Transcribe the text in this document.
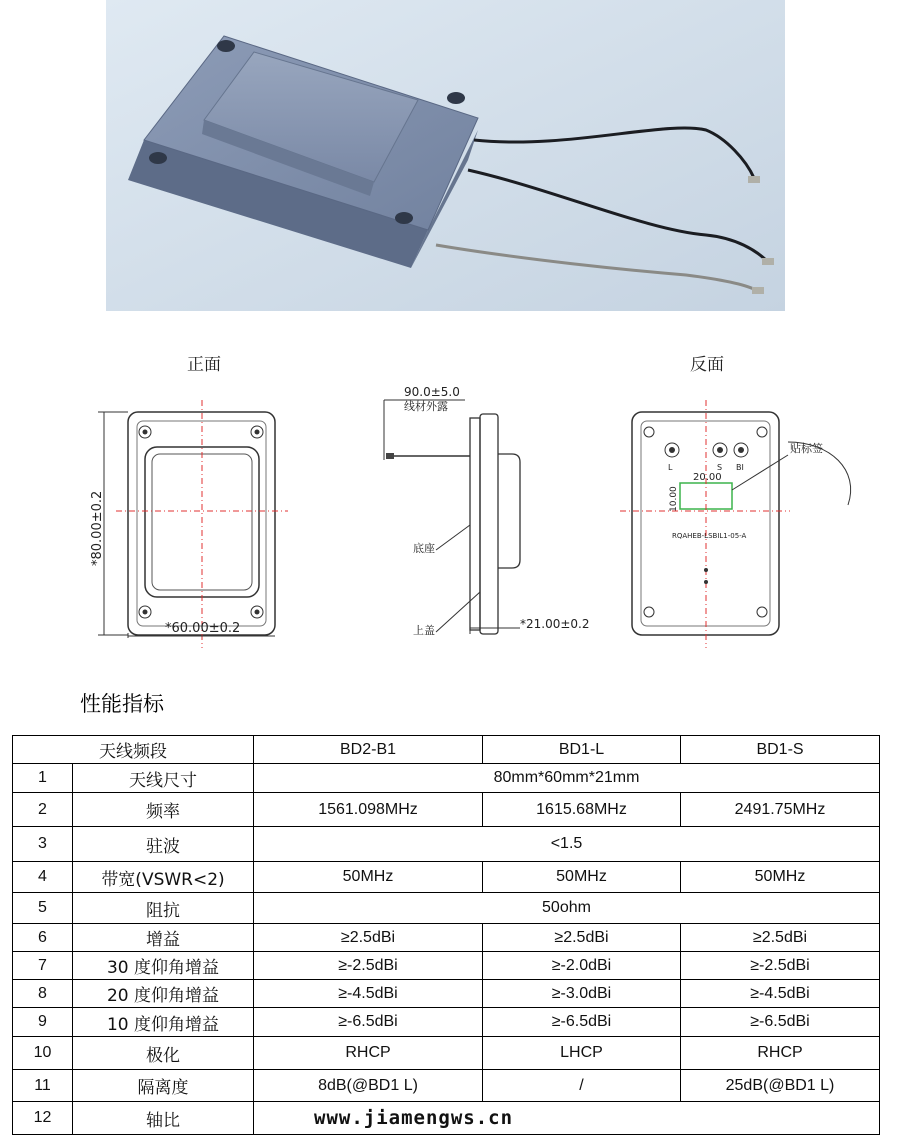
正面
*80.00±0.2
*60.00±0.2
90.0±5.0
线材外露
底座
上盖	*21.00±0.2
反面
L	S BI
20.00
10.00
RQAHEB-LSBIL1-05-A
贴标签
性能指标
天线频段		BD2-B1	BD1-L	BD1-S
1	天线尺寸	80mm*60mm*21mm		
2	频率	1561.098MHz	1615.68MHz	2491.75MHz
3	驻波	<1.5		
4	带宽(VSWR<2)	50MHz	50MHz	50MHz
5	阻抗	50ohm		
6	增益	≥2.5dBi	≥2.5dBi	≥2.5dBi
7	30 度仰角增益	≥-2.5dBi	≥-2.0dBi	≥-2.5dBi
8	20 度仰角增益	≥-4.5dBi	≥-3.0dBi	≥-4.5dBi
9	10 度仰角增益	≥-6.5dBi	≥-6.5dBi	≥-6.5dBi
10	极化	RHCP	LHCP	RHCP
11	隔离度	8dB(@BD1 L)	/	25dB(@BD1 L)
12	轴比	www.jiamengws.cn		
